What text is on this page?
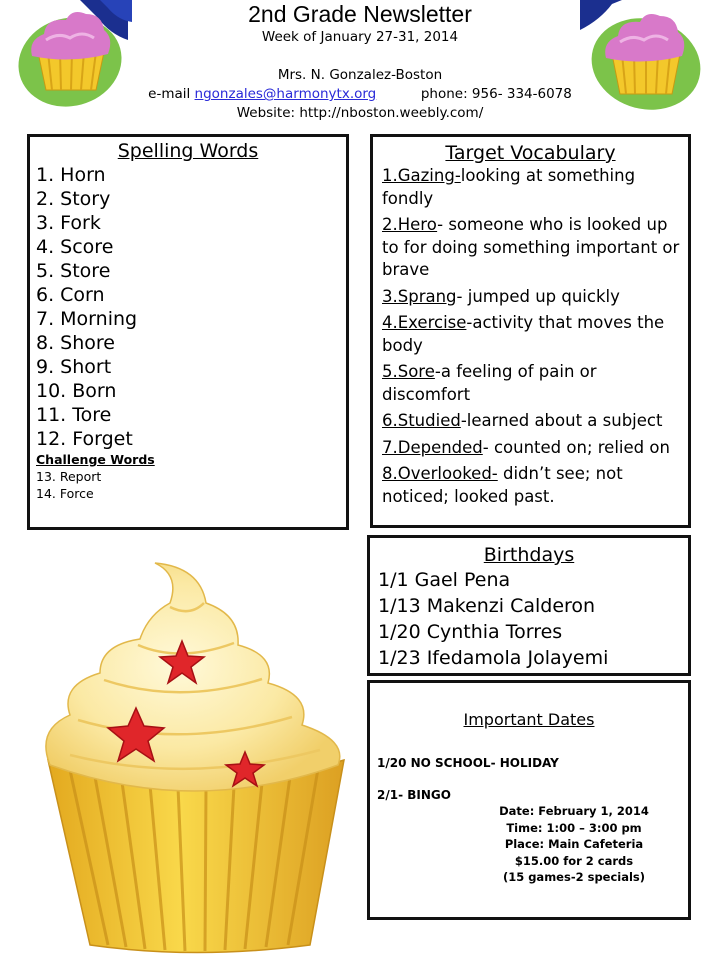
2nd Grade Newsletter
Week of January 27-31, 2014
Mrs. N. Gonzalez-Boston
e-mail ngonzales@harmonytx.org	phone: 956- 334-6078
Website: http://nboston.weebly.com/
Spelling Words
1. Horn
2. Story
3. Fork
4. Score
5. Store
6. Corn
7. Morning
8. Shore
9. Short
10. Born
11. Tore
12. Forget
Challenge Words
13. Report
14. Force
Target Vocabulary
1.Gazing-looking at something fondly
2.Hero- someone who is looked up to for doing something important or brave
3.Sprang- jumped up quickly
4.Exercise-activity that moves the body
5.Sore-a feeling of pain or discomfort
6.Studied-learned about a subject
7.Depended- counted on; relied on
8.Overlooked- didn’t see; not noticed; looked past.
Birthdays
1/1 Gael Pena
1/13 Makenzi Calderon
1/20 Cynthia Torres
1/23 Ifedamola Jolayemi
Important Dates
1/20 NO SCHOOL- HOLIDAY
2/1- BINGO
Date: February 1, 2014
Time: 1:00 – 3:00 pm
Place: Main Cafeteria
$15.00 for 2 cards
(15 games-2 specials)
